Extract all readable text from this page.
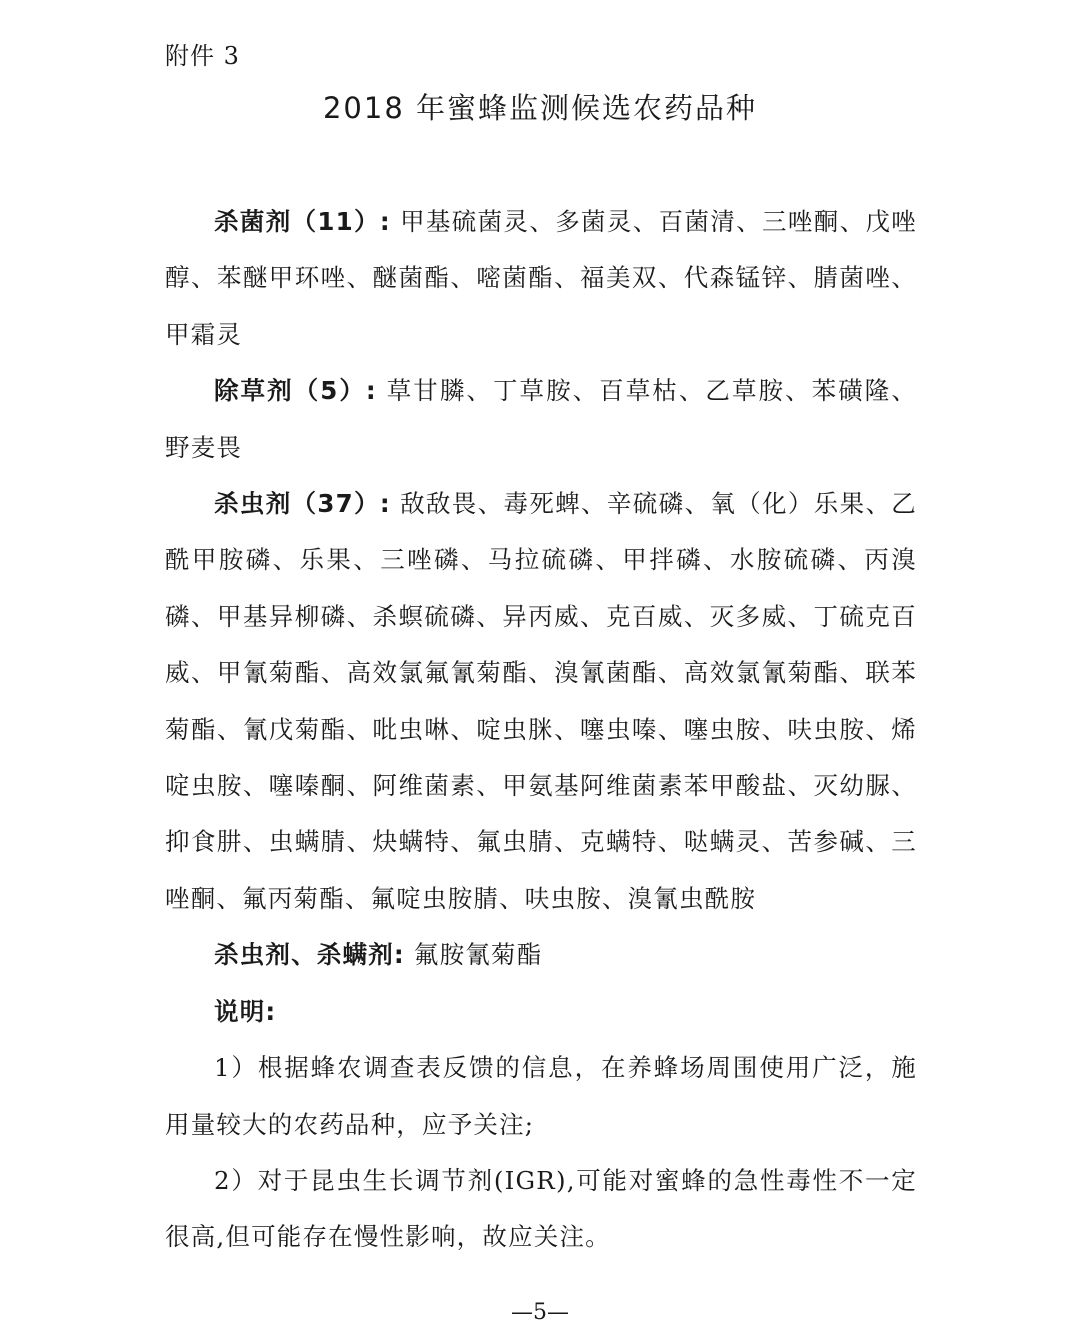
附件 3
2018 年蜜蜂监测候选农药品种

杀菌剂（11）: 甲基硫菌灵、多菌灵、百菌清、三唑酮、戊唑醇、苯醚甲环唑、醚菌酯、嘧菌酯、福美双、代森锰锌、腈菌唑、甲霜灵

除草剂（5）: 草甘膦、丁草胺、百草枯、乙草胺、苯磺隆、野麦畏

杀虫剂（37）: 敌敌畏、毒死蜱、辛硫磷、氧（化）乐果、乙酰甲胺磷、乐果、三唑磷、马拉硫磷、甲拌磷、水胺硫磷、丙溴磷、甲基异柳磷、杀螟硫磷、异丙威、克百威、灭多威、丁硫克百威、甲氰菊酯、高效氯氟氰菊酯、溴氰菌酯、高效氯氰菊酯、联苯菊酯、氰戊菊酯、吡虫啉、啶虫脒、噻虫嗪、噻虫胺、呋虫胺、烯啶虫胺、噻嗪酮、阿维菌素、甲氨基阿维菌素苯甲酸盐、灭幼脲、抑食肼、虫螨腈、炔螨特、氟虫腈、克螨特、哒螨灵、苦参碱、三唑酮、氟丙菊酯、氟啶虫胺腈、呋虫胺、溴氰虫酰胺

杀虫剂、杀螨剂: 氟胺氰菊酯

说明:

1）根据蜂农调查表反馈的信息，在养蜂场周围使用广泛，施用量较大的农药品种，应予关注;

2）对于昆虫生长调节剂(IGR),可能对蜜蜂的急性毒性不一定很高,但可能存在慢性影响，故应关注。

—5—
